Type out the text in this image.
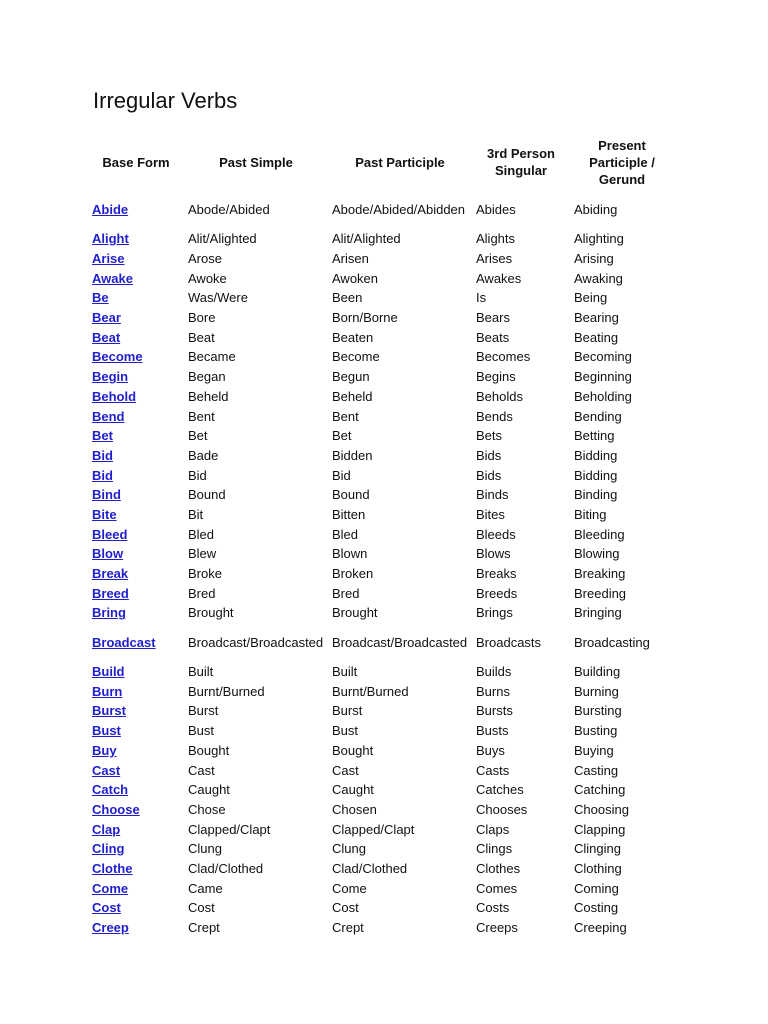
Irregular Verbs
Base Form	Past Simple	Past Participle	3rd Person Singular	Present Participle / Gerund
Abide	Abode/Abided	Abode/Abided/Abidden	Abides	Abiding
Alight	Alit/Alighted	Alit/Alighted	Alights	Alighting
Arise	Arose	Arisen	Arises	Arising
Awake	Awoke	Awoken	Awakes	Awaking
Be	Was/Were	Been	Is	Being
Bear	Bore	Born/Borne	Bears	Bearing
Beat	Beat	Beaten	Beats	Beating
Become	Became	Become	Becomes	Becoming
Begin	Began	Begun	Begins	Beginning
Behold	Beheld	Beheld	Beholds	Beholding
Bend	Bent	Bent	Bends	Bending
Bet	Bet	Bet	Bets	Betting
Bid	Bade	Bidden	Bids	Bidding
Bid	Bid	Bid	Bids	Bidding
Bind	Bound	Bound	Binds	Binding
Bite	Bit	Bitten	Bites	Biting
Bleed	Bled	Bled	Bleeds	Bleeding
Blow	Blew	Blown	Blows	Blowing
Break	Broke	Broken	Breaks	Breaking
Breed	Bred	Bred	Breeds	Breeding
Bring	Brought	Brought	Brings	Bringing
Broadcast	Broadcast/Broadcasted	Broadcast/Broadcasted	Broadcasts	Broadcasting
Build	Built	Built	Builds	Building
Burn	Burnt/Burned	Burnt/Burned	Burns	Burning
Burst	Burst	Burst	Bursts	Bursting
Bust	Bust	Bust	Busts	Busting
Buy	Bought	Bought	Buys	Buying
Cast	Cast	Cast	Casts	Casting
Catch	Caught	Caught	Catches	Catching
Choose	Chose	Chosen	Chooses	Choosing
Clap	Clapped/Clapt	Clapped/Clapt	Claps	Clapping
Cling	Clung	Clung	Clings	Clinging
Clothe	Clad/Clothed	Clad/Clothed	Clothes	Clothing
Come	Came	Come	Comes	Coming
Cost	Cost	Cost	Costs	Costing
Creep	Crept	Crept	Creeps	Creeping
